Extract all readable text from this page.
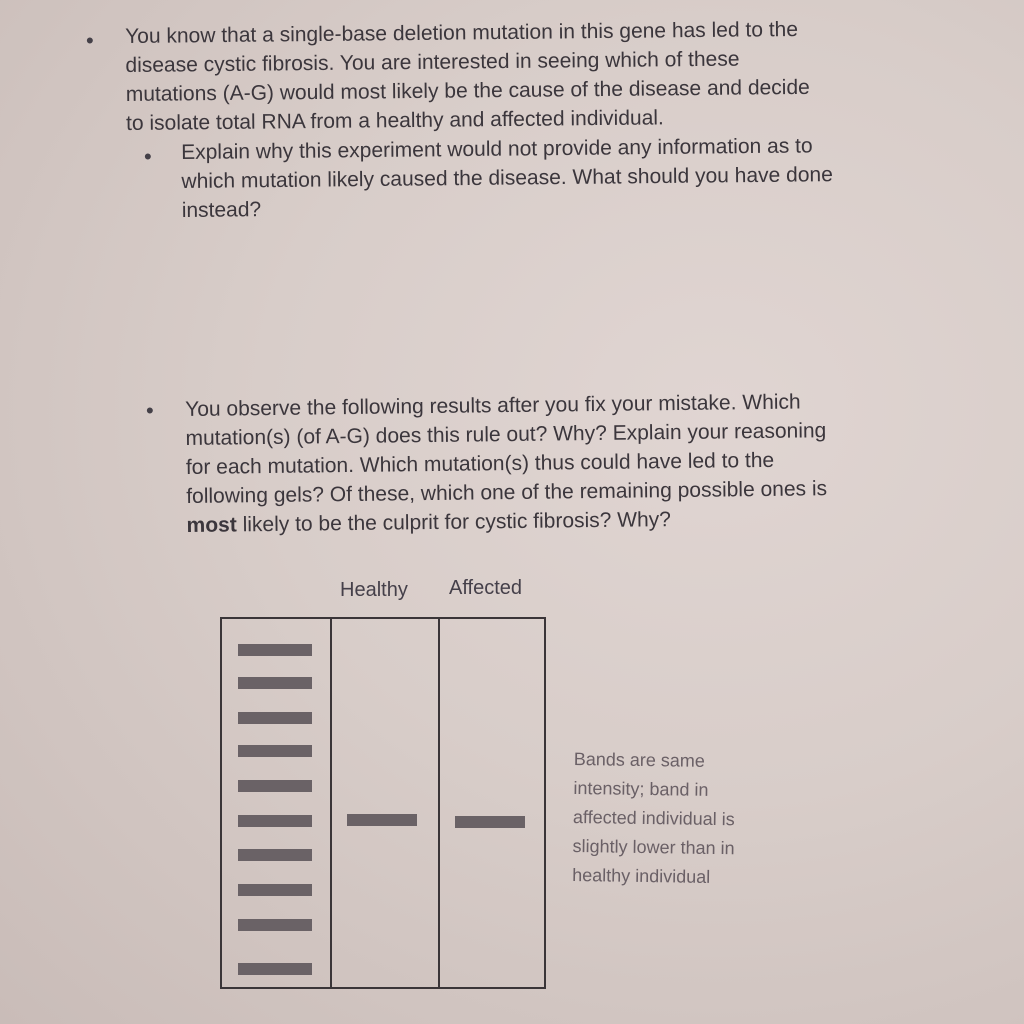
• You know that a single-base deletion mutation in this gene has led to the
disease cystic fibrosis. You are interested in seeing which of these
mutations (A-G) would most likely be the cause of the disease and decide
to isolate total RNA from a healthy and affected individual.

• Explain why this experiment would not provide any information as to
which mutation likely caused the disease. What should you have done
instead?

• You observe the following results after you fix your mistake. Which
mutation(s) (of A-G) does this rule out? Why? Explain your reasoning
for each mutation. Which mutation(s) thus could have led to the
following gels? Of these, which one of the remaining possible ones is
most likely to be the culprit for cystic fibrosis? Why?

Healthy Affected
Bands are same
intensity; band in
affected individual is
slightly lower than in
healthy individual
